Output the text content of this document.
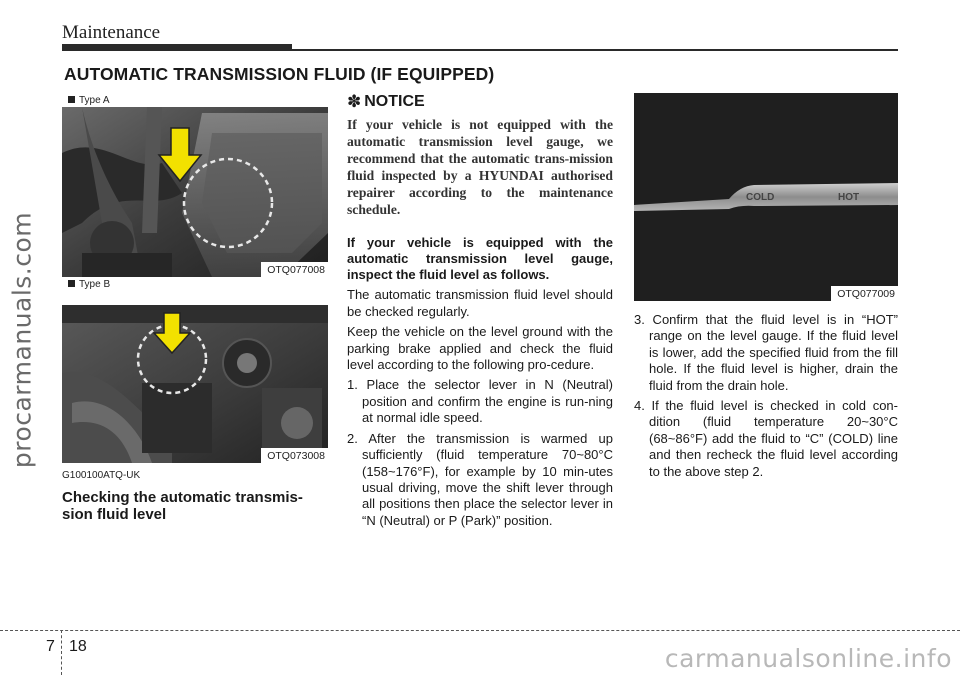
Maintenance
procarmanuals.com
AUTOMATIC TRANSMISSION FLUID (IF EQUIPPED)
Type A
OTQ077008
Type B
OTQ073008
COLD	HOT
OTQ077009
G100100ATQ-UK
Checking the automatic transmis-sion fluid level
✽ NOTICE
If your vehicle is not equipped with the automatic transmission level gauge, we recommend that the automatic trans-mission fluid inspected by a HYUNDAI authorised repairer according to the maintenance schedule.
If your vehicle is equipped with the automatic transmission level gauge, inspect the fluid level as follows.
The automatic transmission fluid level should be checked regularly.
Keep the vehicle on the level ground with the parking brake applied and check the fluid level according to the following pro-cedure.
1. Place the selector lever in N (Neutral) position and confirm the engine is run-ning at normal idle speed.
2. After the transmission is warmed up sufficiently (fluid temperature 70~80°C (158~176°F), for example by 10 min-utes usual driving, move the shift lever through all positions then place the selector lever in “N (Neutral) or P (Park)” position.
3. Confirm that the fluid level is in “HOT” range on the level gauge. If the fluid level is lower, add the specified fluid from the fill hole. If the fluid level is higher, drain the fluid from the drain hole.
4. If the fluid level is checked in cold con-dition (fluid temperature 20~30°C (68~86°F) add the fluid to “C” (COLD) line and then recheck the fluid level according to the above step 2.
7 18	carmanualsonline.info
